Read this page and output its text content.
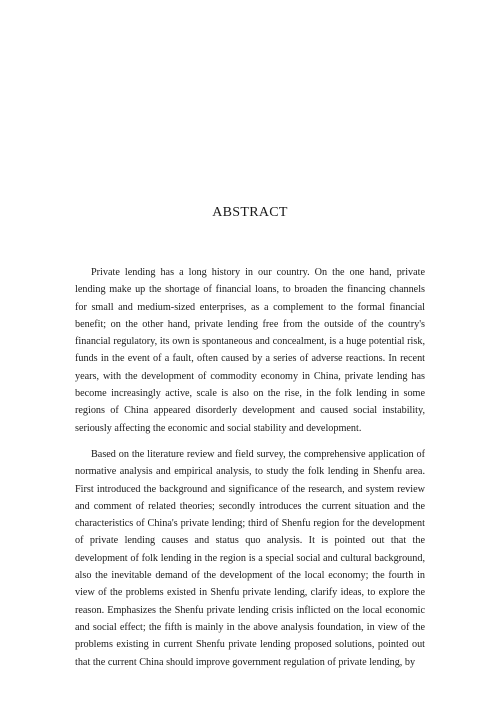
ABSTRACT

Private lending has a long history in our country. On the one hand, private lending make up the shortage of financial loans, to broaden the financing channels for small and medium-sized enterprises, as a complement to the formal financial benefit; on the other hand, private lending free from the outside of the country's financial regulatory, its own is spontaneous and concealment, is a huge potential risk, funds in the event of a fault, often caused by a series of adverse reactions. In recent years, with the development of commodity economy in China, private lending has become increasingly active, scale is also on the rise, in the folk lending in some regions of China appeared disorderly development and caused social instability, seriously affecting the economic and social stability and development.

Based on the literature review and field survey, the comprehensive application of normative analysis and empirical analysis, to study the folk lending in Shenfu area. First introduced the background and significance of the research, and system review and comment of related theories; secondly introduces the current situation and the characteristics of China's private lending; third of Shenfu region for the development of private lending causes and status quo analysis. It is pointed out that the development of folk lending in the region is a special social and cultural background, also the inevitable demand of the development of the local economy; the fourth in view of the problems existed in Shenfu private lending, clarify ideas, to explore the reason. Emphasizes the Shenfu private lending crisis inflicted on the local economic and social effect; the fifth is mainly in the above analysis foundation, in view of the problems existing in current Shenfu private lending proposed solutions, pointed out that the current China should improve government regulation of private lending, by
